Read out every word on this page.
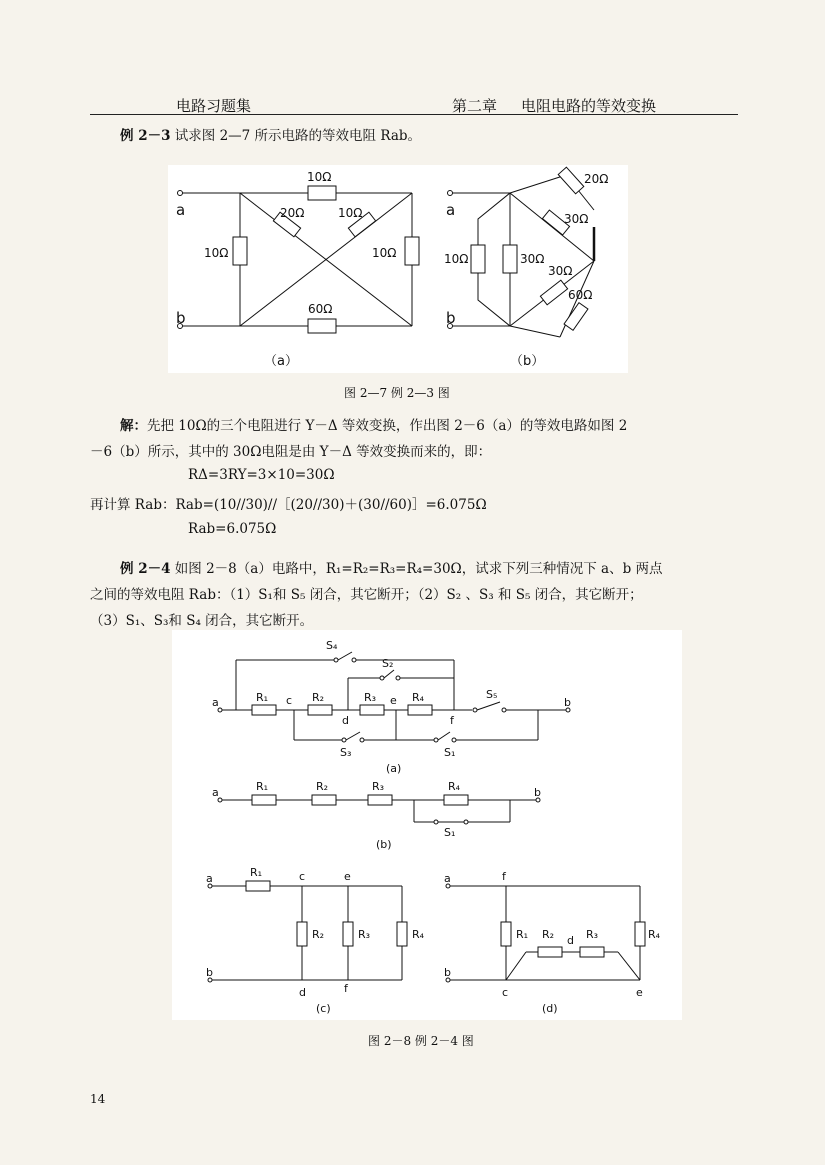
电路习题集	第二章 电阻电路的等效变换
例 2－3 试求图 2—7 所示电路的等效电阻 Rab。
10Ω
20Ω	10Ω
10Ω	10Ω
60Ω
a
b
20Ω
30Ω
30Ω
60Ω
10Ω	30Ω
a
b
（a）	（b）
图 2—7 例 2—3 图
解：先把 10Ω的三个电阻进行 Y－Δ 等效变换，作出图 2－6（a）的等效电路如图 2
－6（b）所示，其中的 30Ω电阻是由 Y－Δ 等效变换而来的，即：
RΔ=3RY=3×10=30Ω
再计算 Rab：Rab=(10//30)//［(20//30)＋(30//60)］=6.075Ω
Rab=6.075Ω
例 2－4 如图 2－8（a）电路中，R₁=R₂=R₃=R₄=30Ω，试求下列三种情况下 a、b 两点
之间的等效电阻 Rab：（1）S₁和 S₅ 闭合，其它断开；（2）S₂ 、S₃ 和 S₅ 闭合，其它断开；
（3）S₁、S₃和 S₄ 闭合，其它断开。
S₄
S₂
S₅
S₃	S₁
R₁	R₂	R₃	R₄
a	b
c
d
e
f
(a)
a	b
R₁	R₂	R₃	R₄
S₁
(b)
a
b
R₁	c	e
d	f
R₂	R₃	R₄
(c)
a
b
f
c	e
d
R₁ R₂	R₃	R₄
(d)
图 2－8 例 2－4 图
14
